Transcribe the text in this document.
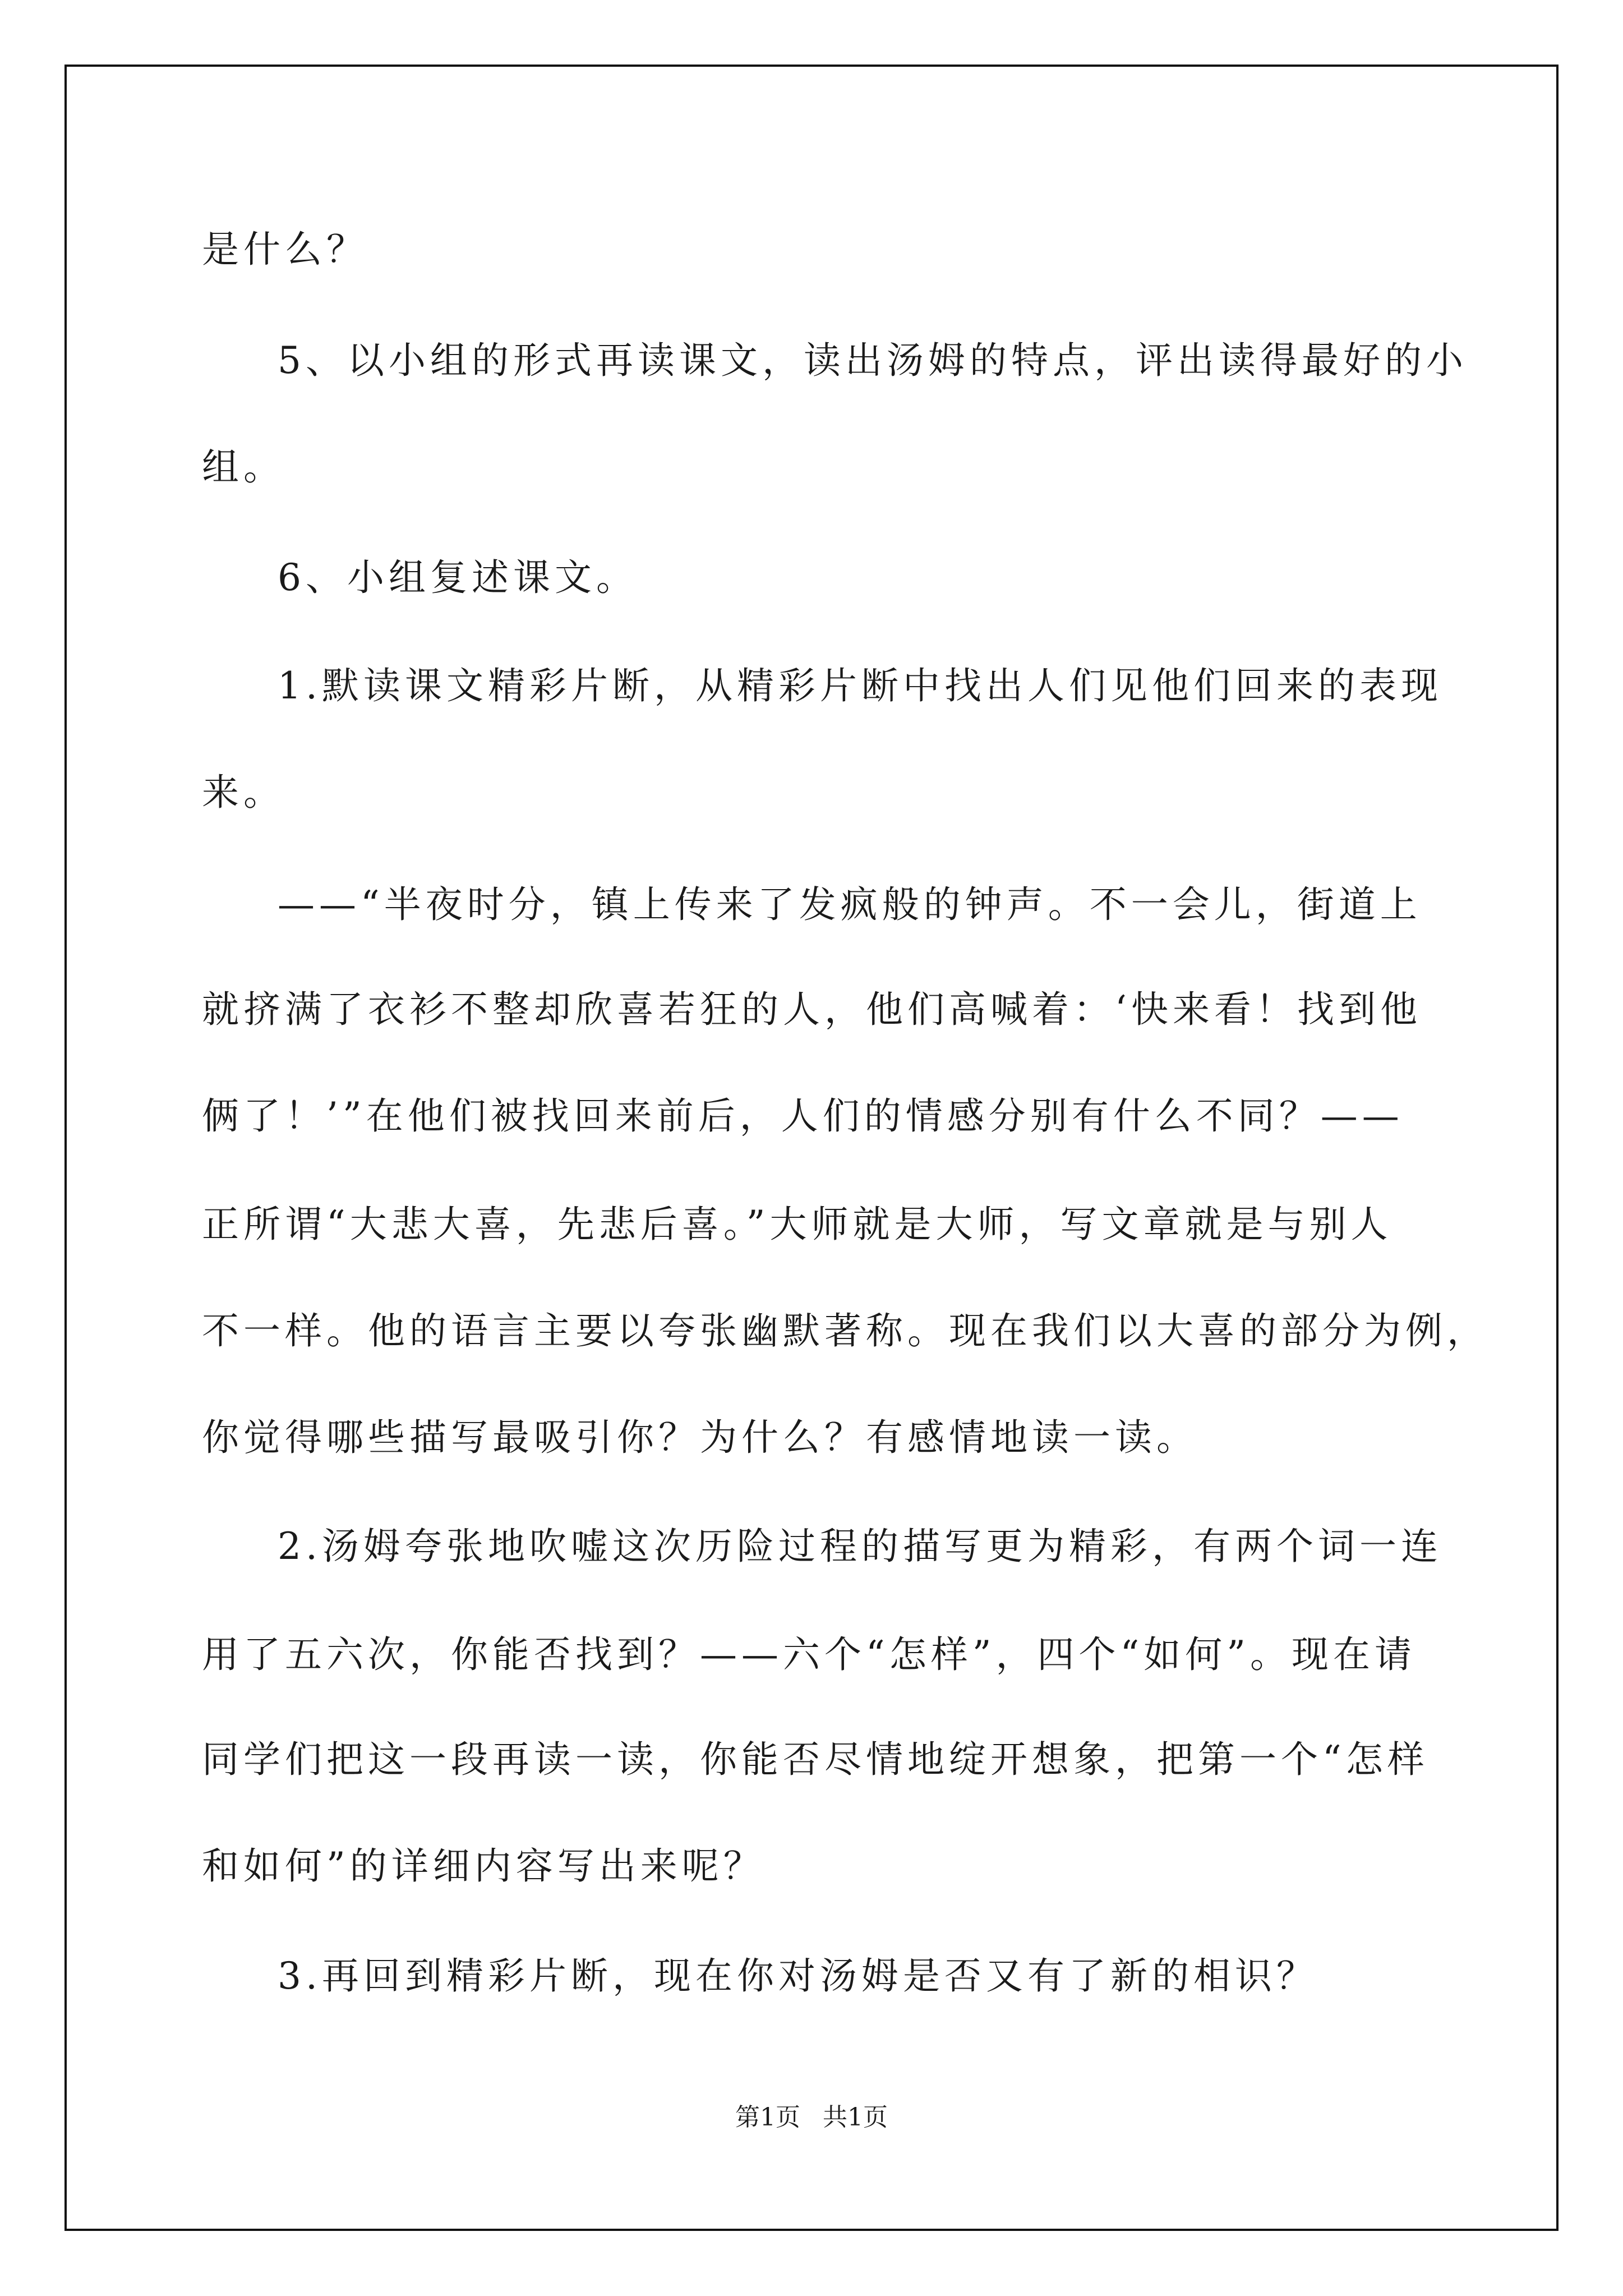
是什么？
5、以小组的形式再读课文，读出汤姆的特点，评出读得最好的小
组。
6、小组复述课文。
1.默读课文精彩片断，从精彩片断中找出人们见他们回来的表现
来。
——“半夜时分，镇上传来了发疯般的钟声。不一会儿，街道上
就挤满了衣衫不整却欣喜若狂的人，他们高喊着：‘快来看！找到他
俩了！’”在他们被找回来前后，人们的情感分别有什么不同？——
正所谓“大悲大喜，先悲后喜。”大师就是大师，写文章就是与别人
不一样。他的语言主要以夸张幽默著称。现在我们以大喜的部分为例，
你觉得哪些描写最吸引你？为什么？有感情地读一读。
2.汤姆夸张地吹嘘这次历险过程的描写更为精彩，有两个词一连
用了五六次，你能否找到？——六个“怎样”，四个“如何”。现在请
同学们把这一段再读一读，你能否尽情地绽开想象，把第一个“怎样
和如何”的详细内容写出来呢？
3.再回到精彩片断，现在你对汤姆是否又有了新的相识？
第1页 共1页
